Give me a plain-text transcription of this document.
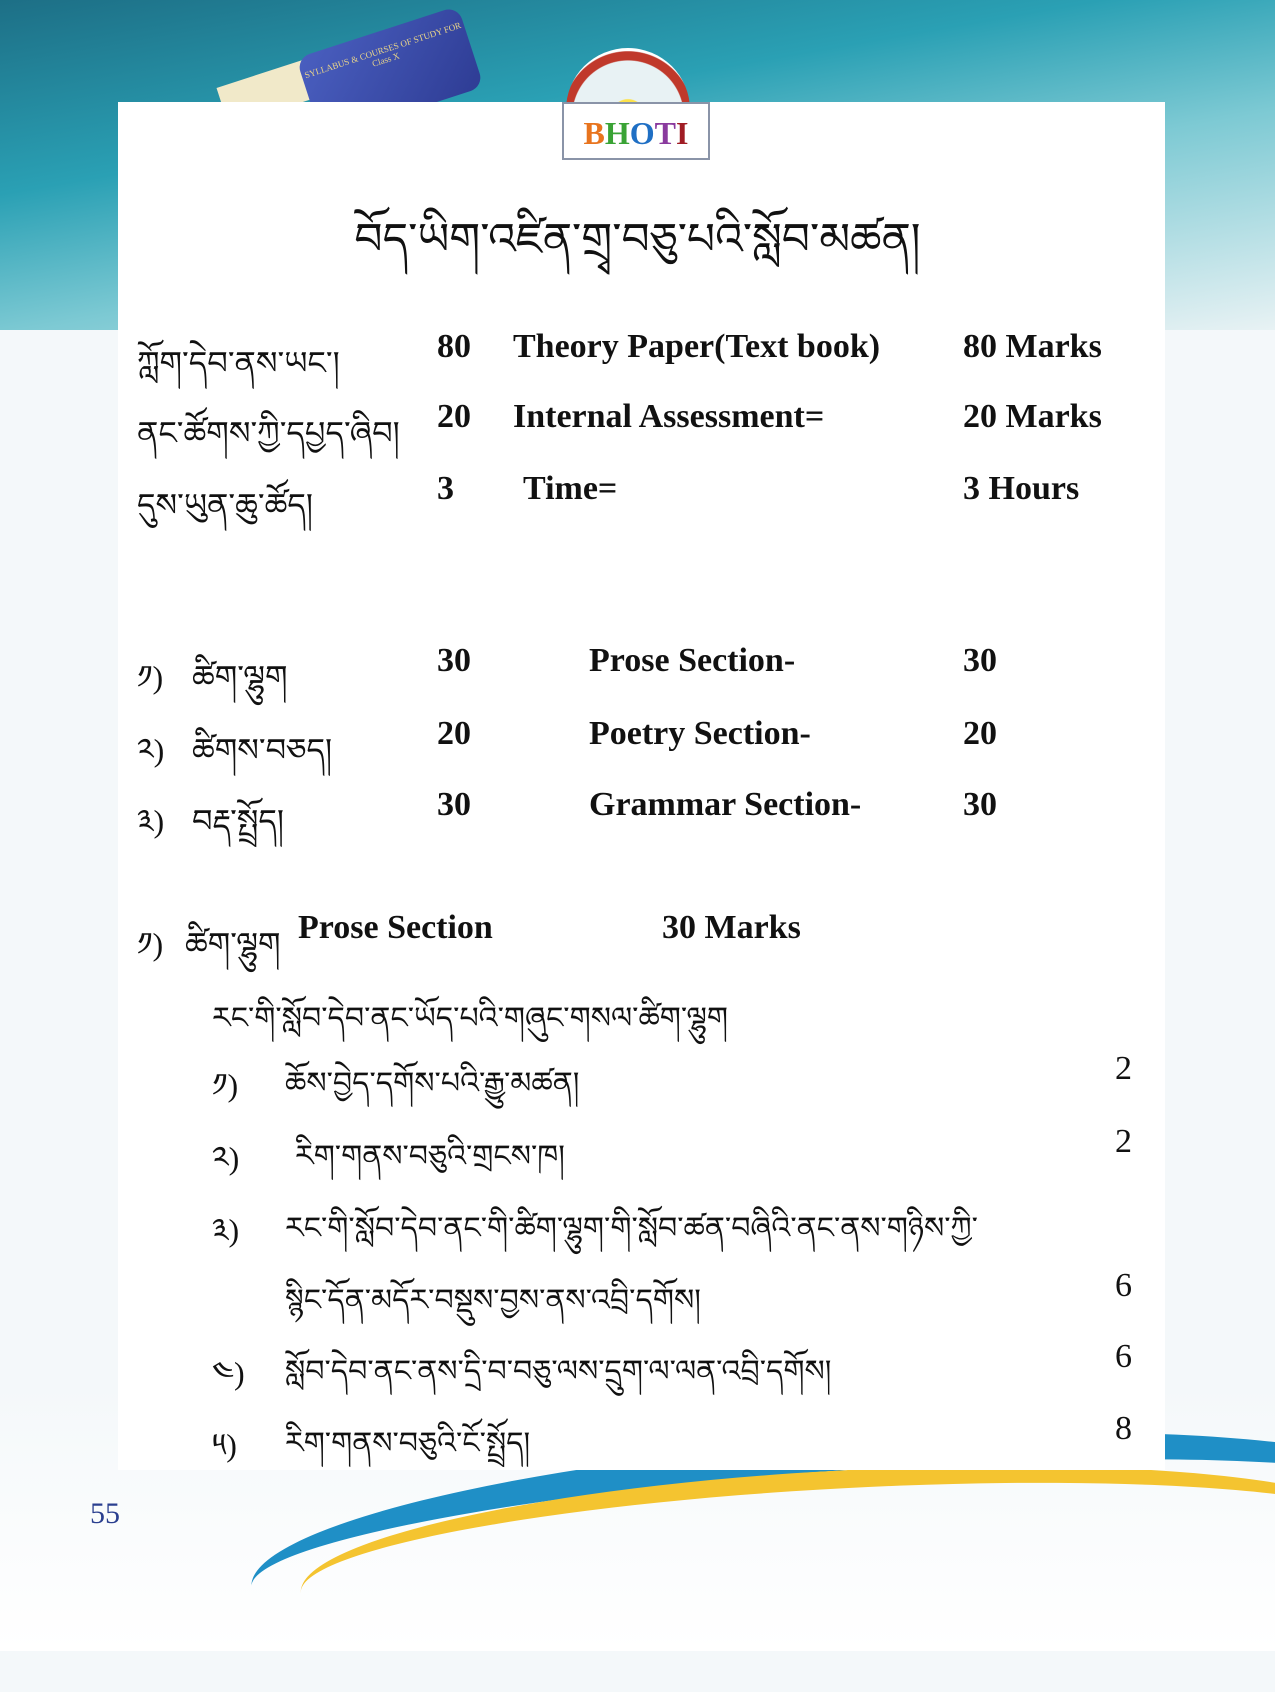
SYLLABUS & COURSES OF STUDY FOR Class X
BHOTI
བོད་ཡིག་འཛིན་གྲྭ་བཅུ་པའི་སློབ་མཚན།
ཀློག་དེབ་ནས་ཡང་།	80 Theory Paper(Text book) 80 Marks
ནང་ཚོགས་ཀྱི་དཔྱད་ཞིབ། 20 Internal Assessment=	20 Marks
དུས་ཡུན་ཆུ་ཚོད།	3 Time=	3 Hours
༡) ཚིག་ལྷུག	30	Prose Section-	30
༢) ཚིགས་བཅད།	20	Poetry Section-	20
༣) བརྡ་སྤྲོད།	30	Grammar Section-	30
༡) ཚིག་ལྷུག Prose Section	30 Marks
རང་གི་སློབ་དེབ་ནང་ཡོད་པའི་གཞུང་གསལ་ཚིག་ལྷུག
༡) ཆོས་བྱེད་དགོས་པའི་རྒྱུ་མཚན།	2
༢) རིག་གནས་བཅུའི་གྲངས་ཁ།	2
༣) རང་གི་སློབ་དེབ་ནང་གི་ཚིག་ལྷུག་གི་སློབ་ཚན་བཞིའི་ནང་ནས་གཉིས་ཀྱི་
སྙིང་དོན་མདོར་བསྡུས་བྱས་ནས་འབྲི་དགོས།	6
༤) སློབ་དེབ་ནང་ནས་དྲི་བ་བཅུ་ལས་དྲུག་ལ་ལན་འབྲི་དགོས།	6
༥) རིག་གནས་བཅུའི་ངོ་སྤྲོད།	8
55
